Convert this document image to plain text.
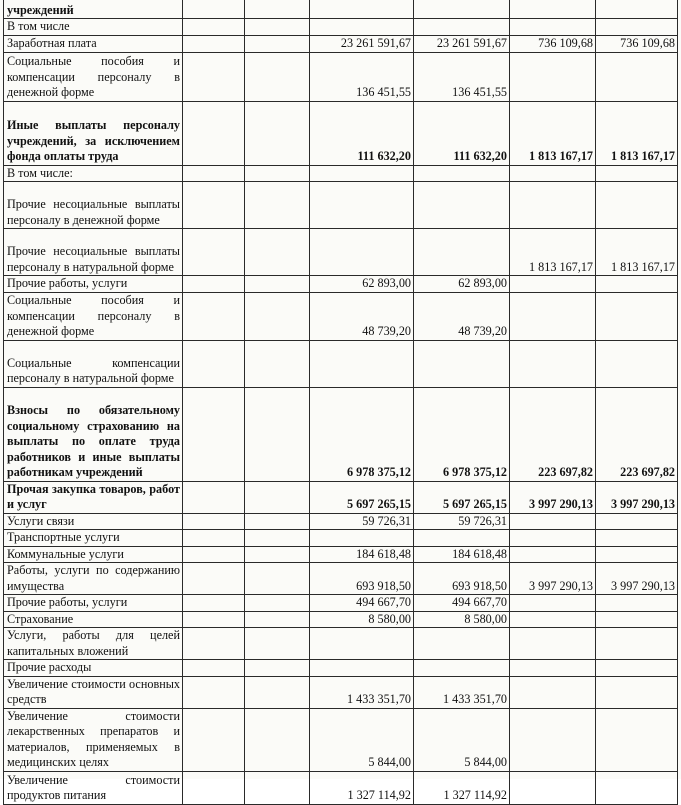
учреждений						
В том числе						
Заработная плата			23 261 591,67	23 261 591,67	736 109,68	736 109,68
Социальные пособия и компенсации персоналу в денежной форме			136 451,55	136 451,55		
Иные выплаты персоналу учреждений, за исключением фонда оплаты труда			111 632,20	111 632,20	1 813 167,17	1 813 167,17
В том числе:						
Прочие несоциальные выплаты персоналу в денежной форме						
Прочие несоциальные выплаты персоналу в натуральной форме					1 813 167,17	1 813 167,17
Прочие работы, услуги			62 893,00	62 893,00		
Социальные пособия и компенсации персоналу в денежной форме			48 739,20	48 739,20		
Социальные компенсации персоналу в натуральной форме						
Взносы по обязательному социальному страхованию на выплаты по оплате труда работников и иные выплаты работникам учреждений			6 978 375,12	6 978 375,12	223 697,82	223 697,82
Прочая закупка товаров, работ и услуг			5 697 265,15	5 697 265,15	3 997 290,13	3 997 290,13
Услуги связи			59 726,31	59 726,31		
Транспортные услуги						
Коммунальные услуги			184 618,48	184 618,48		
Работы, услуги по содержанию имущества			693 918,50	693 918,50	3 997 290,13	3 997 290,13
Прочие работы, услуги			494 667,70	494 667,70		
Страхование			8 580,00	8 580,00		
Услуги, работы для целей капитальных вложений						
Прочие расходы						
Увеличение стоимости основных средств			1 433 351,70	1 433 351,70		
Увеличение стоимости лекарственных препаратов и материалов, применяемых в медицинских целях			5 844,00	5 844,00		
Увеличение стоимости продуктов питания			1 327 114,92	1 327 114,92		
